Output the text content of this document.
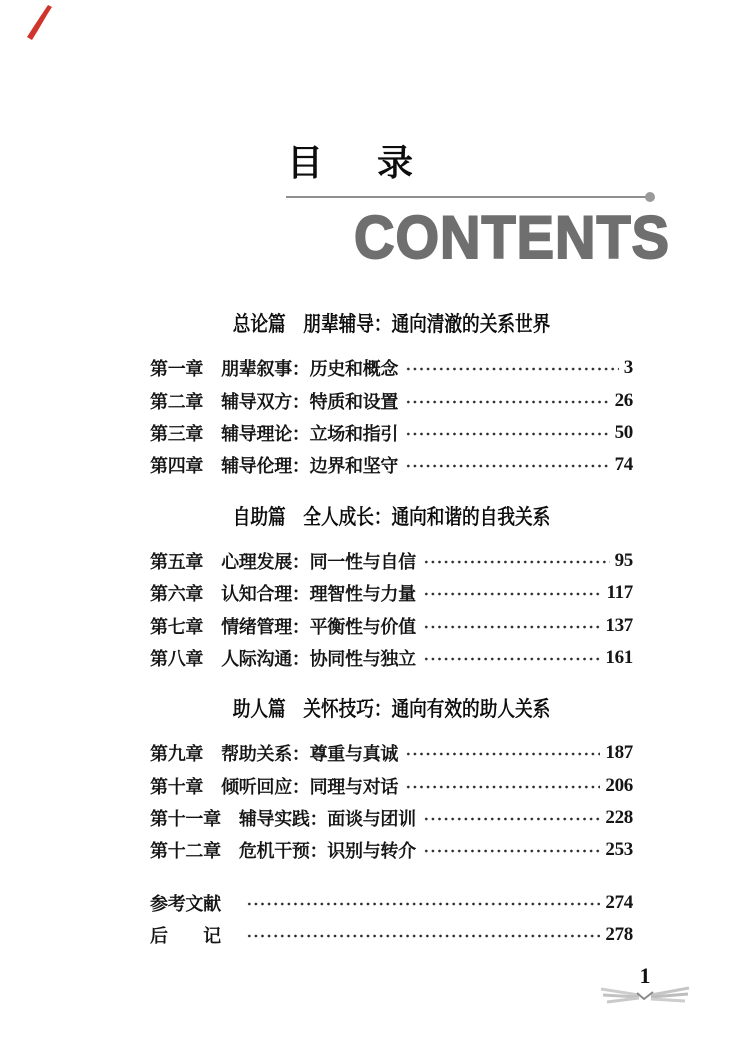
目 录
CONTENTS
总论篇　朋辈辅导：通向清澈的关系世界
第一章 朋辈叙事：历史和概念	3
第二章 辅导双方：特质和设置	26
第三章 辅导理论：立场和指引	50
第四章 辅导伦理：边界和坚守	74
自助篇　全人成长：通向和谐的自我关系
第五章 心理发展：同一性与自信	95
第六章 认知合理：理智性与力量	117
第七章 情绪管理：平衡性与价值	137
第八章 人际沟通：协同性与独立	161
助人篇　关怀技巧：通向有效的助人关系
第九章 帮助关系：尊重与真诚	187
第十章 倾听回应：同理与对话	206
第十一章 辅导实践：面谈与团训	228
第十二章 危机干预：识别与转介	253
参考文献	274
后　　记	278
1
